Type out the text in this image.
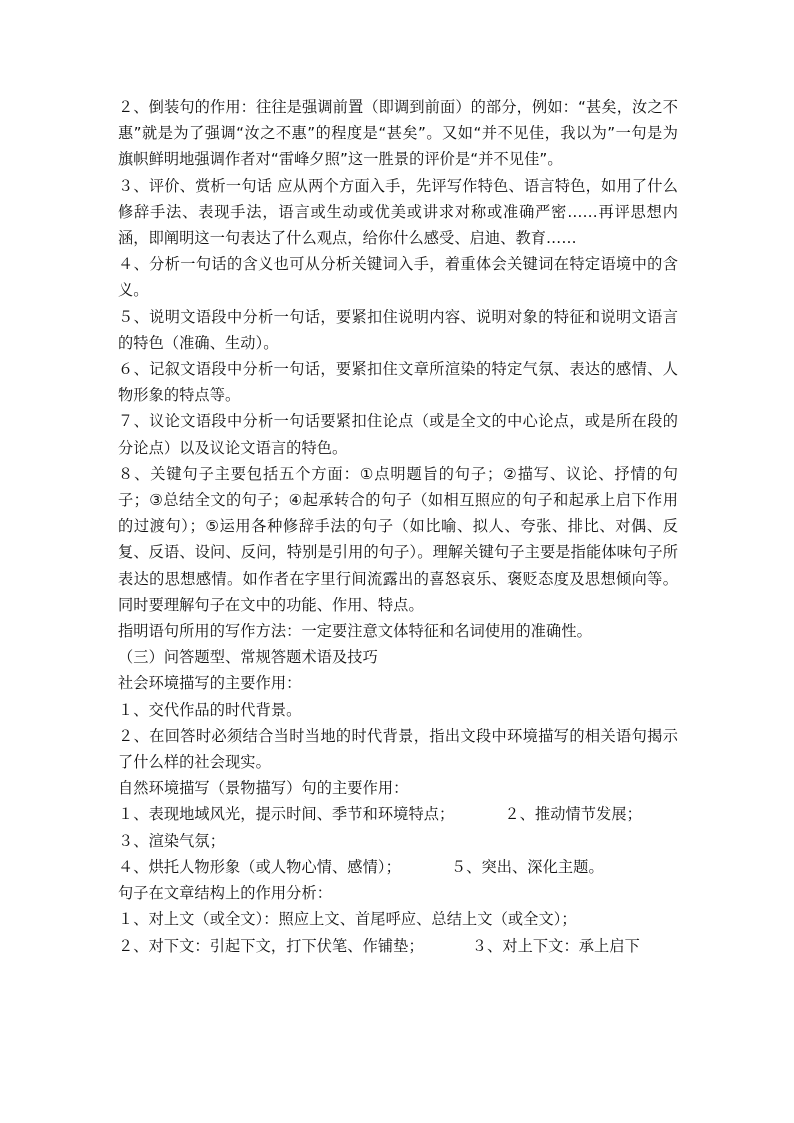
２、倒装句的作用：往往是强调前置（即调到前面）的部分，例如：“甚矣，汝之不惠”就是为了强调“汝之不惠”的程度是“甚矣”。又如“并不见佳，我以为”一句是为旗帜鲜明地强调作者对“雷峰夕照”这一胜景的评价是“并不见佳”。

３、评价、赏析一句话 应从两个方面入手，先评写作特色、语言特色，如用了什么修辞手法、表现手法，语言或生动或优美或讲求对称或准确严密……再评思想内涵，即阐明这一句表达了什么观点，给你什么感受、启迪、教育……

４、分析一句话的含义也可从分析关键词入手，着重体会关键词在特定语境中的含义。

５、说明文语段中分析一句话，要紧扣住说明内容、说明对象的特征和说明文语言的特色（准确、生动）。

６、记叙文语段中分析一句话，要紧扣住文章所渲染的特定气氛、表达的感情、人物形象的特点等。

７、议论文语段中分析一句话要紧扣住论点（或是全文的中心论点，或是所在段的分论点）以及议论文语言的特色。

８、关键句子主要包括五个方面：①点明题旨的句子；②描写、议论、抒情的句子；③总结全文的句子；④起承转合的句子（如相互照应的句子和起承上启下作用的过渡句）；⑤运用各种修辞手法的句子（如比喻、拟人、夸张、排比、对偶、反复、反语、设问、反问，特别是引用的句子）。理解关键句子主要是指能体味句子所表达的思想感情。如作者在字里行间流露出的喜怒哀乐、褒贬态度及思想倾向等。同时要理解句子在文中的功能、作用、特点。

指明语句所用的写作方法：一定要注意文体特征和名词使用的准确性。

（三）问答题型、常规答题术语及技巧

社会环境描写的主要作用：

１、交代作品的时代背景。

２、在回答时必须结合当时当地的时代背景，指出文段中环境描写的相关语句揭示了什么样的社会现实。

自然环境描写（景物描写）句的主要作用：

１、表现地域风光，提示时间、季节和环境特点；	２、推动情节发展；

３、渲染气氛；

４、烘托人物形象（或人物心情、感情）；	５、突出、深化主题。

句子在文章结构上的作用分析：

１、对上文（或全文）：照应上文、首尾呼应、总结上文（或全文）；

２、对下文：引起下文，打下伏笔、作铺垫；	３、对上下文：承上启下
